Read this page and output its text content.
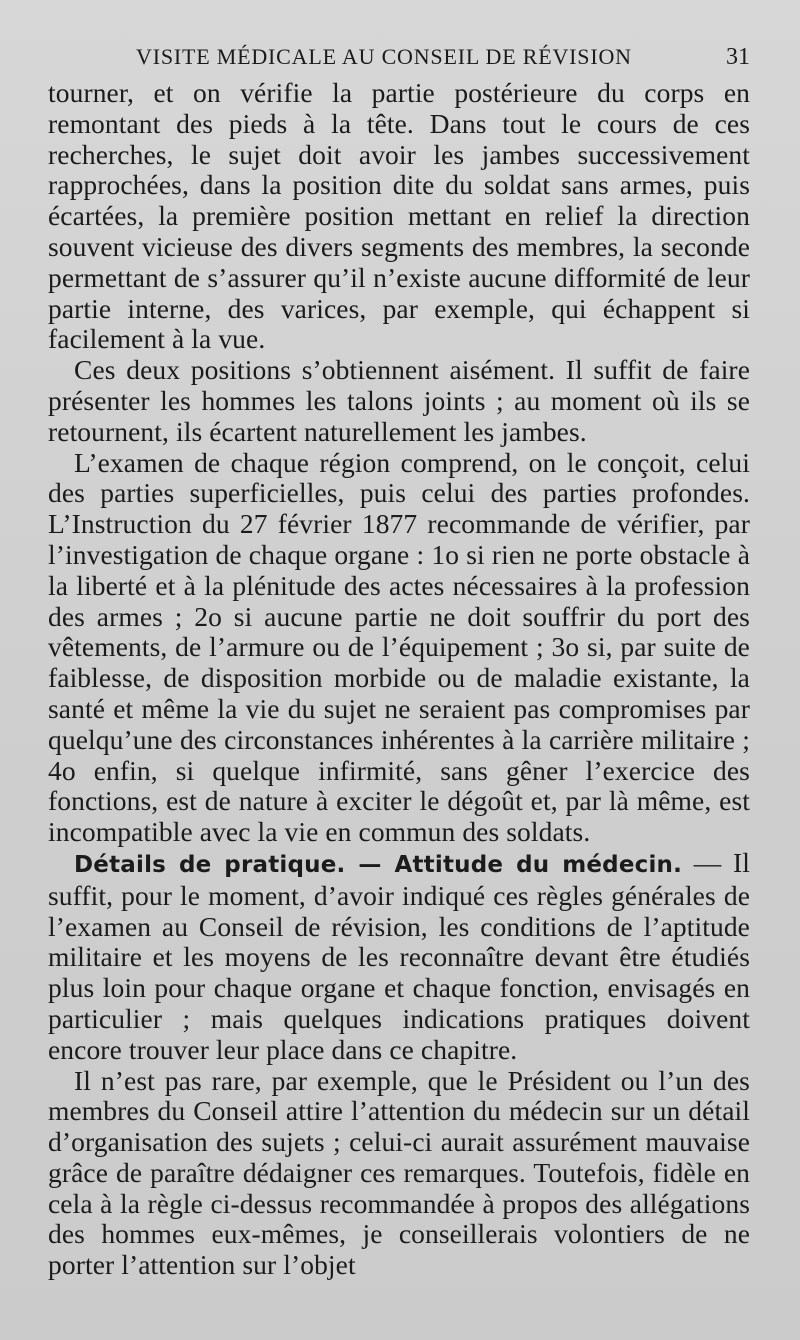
VISITE MÉDICALE AU CONSEIL DE RÉVISION	31

tourner, et on vérifie la partie postérieure du corps en remontant des pieds à la tête. Dans tout le cours de ces recherches, le sujet doit avoir les jambes successivement rapprochées, dans la position dite du soldat sans armes, puis écartées, la première position mettant en relief la direction souvent vicieuse des divers segments des membres, la seconde permettant de s’assurer qu’il n’existe aucune difformité de leur partie interne, des varices, par exemple, qui échappent si facilement à la vue.

Ces deux positions s’obtiennent aisément. Il suffit de faire présenter les hommes les talons joints ; au moment où ils se retournent, ils écartent naturellement les jambes.

L’examen de chaque région comprend, on le conçoit, celui des parties superficielles, puis celui des parties profondes. L’Instruction du 27 février 1877 recommande de vérifier, par l’investigation de chaque organe : 1o si rien ne porte obstacle à la liberté et à la plénitude des actes nécessaires à la profession des armes ; 2o si aucune partie ne doit souffrir du port des vêtements, de l’armure ou de l’équipement ; 3o si, par suite de faiblesse, de disposition morbide ou de maladie existante, la santé et même la vie du sujet ne seraient pas compromises par quelqu’une des circonstances inhérentes à la carrière militaire ; 4o enfin, si quelque infirmité, sans gêner l’exercice des fonctions, est de nature à exciter le dégoût et, par là même, est incompatible avec la vie en commun des soldats.

Détails de pratique. — Attitude du médecin. — Il suffit, pour le moment, d’avoir indiqué ces règles générales de l’examen au Conseil de révision, les conditions de l’aptitude militaire et les moyens de les reconnaître devant être étudiés plus loin pour chaque organe et chaque fonction, envisagés en particulier ; mais quelques indications pratiques doivent encore trouver leur place dans ce chapitre.

Il n’est pas rare, par exemple, que le Président ou l’un des membres du Conseil attire l’attention du médecin sur un détail d’organisation des sujets ; celui-ci aurait assurément mauvaise grâce de paraître dédaigner ces remarques. Toutefois, fidèle en cela à la règle ci-dessus recommandée à propos des allégations des hommes eux-mêmes, je conseillerais volontiers de ne porter l’attention sur l’objet
